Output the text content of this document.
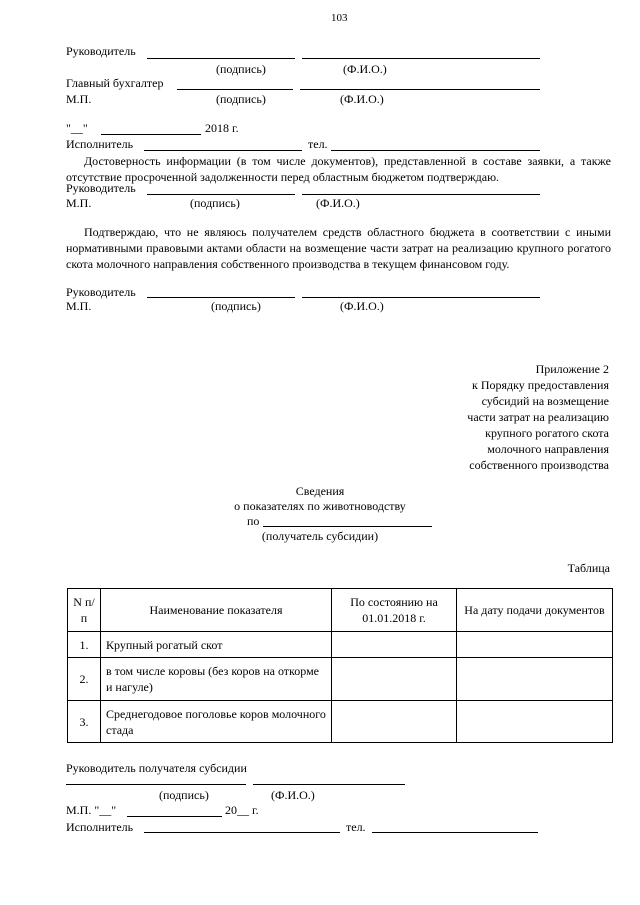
103
Руководитель
(подпись)	(Ф.И.О.)
Главный бухгалтер
М.П.	(подпись)	(Ф.И.О.)
"__"	2018 г.
Исполнитель	тел.
Достоверность информации (в том числе документов), представленной в составе заявки, а также отсутствие просроченной задолженности перед областным бюджетом подтверждаю.
Руководитель
М.П.	(подпись)	(Ф.И.О.)
Подтверждаю, что не являюсь получателем средств областного бюджета в соответствии с иными нормативными правовыми актами области на возмещение части затрат на реализацию крупного рогатого скота молочного направления собственного производства в текущем финансовом году.
Руководитель
М.П.	(подпись)	(Ф.И.О.)
Приложение 2
к Порядку предоставления
субсидий на возмещение
части затрат на реализацию
крупного рогатого скота
молочного направления
собственного производства
Сведения
о показателях по животноводству
по
(получатель субсидии)
Таблица
N п/п	Наименование показателя	По состоянию на 01.01.2018 г.	На дату подачи документов
1.	Крупный рогатый скот		
2.	в том числе коровы (без коров на откорме и нагуле)		
3.	Среднегодовое поголовье коров молочного стада		
Руководитель получателя субсидии
(подпись)	(Ф.И.О.)
М.П. "__"	20__ г.
Исполнитель	тел.
